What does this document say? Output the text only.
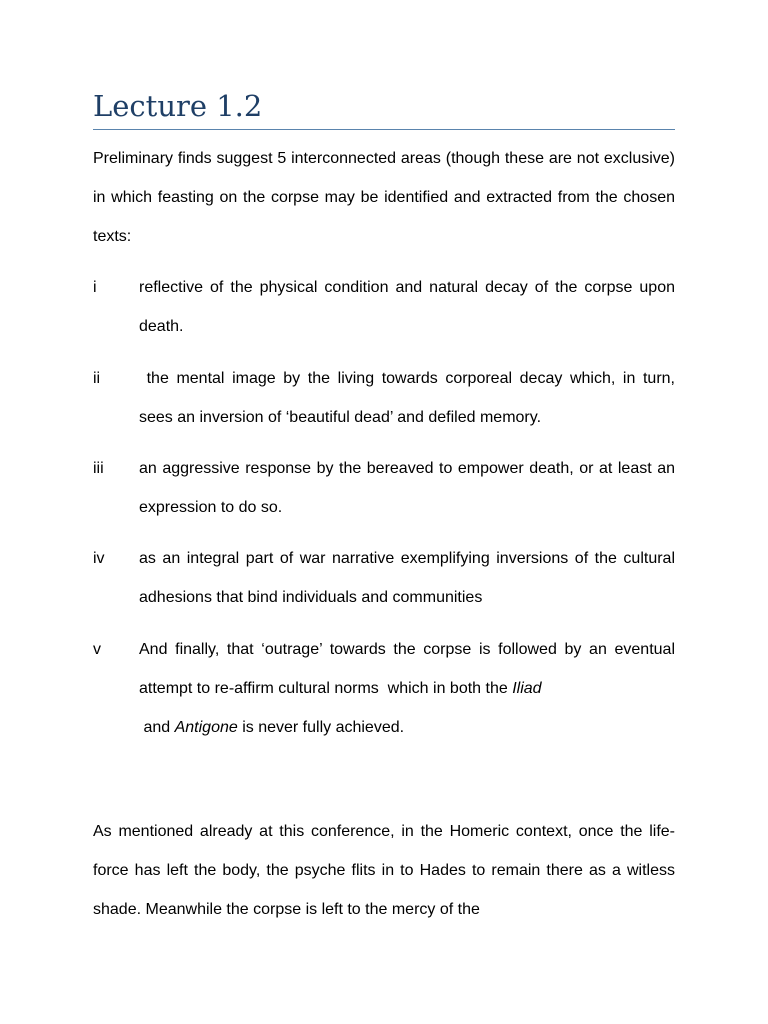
Lecture 1.2

Preliminary finds suggest 5 interconnected areas (though these are not exclusive) in which feasting on the corpse may be identified and extracted from the chosen texts:

i	reflective of the physical condition and natural decay of the corpse upon death.
ii the mental image by the living towards corporeal decay which, in turn, sees an inversion of ‘beautiful dead’ and defiled memory.
iii an aggressive response by the bereaved to empower death, or at least an expression to do so.
iv as an integral part of war narrative exemplifying inversions of the cultural adhesions that bind individuals and communities
v And finally, that ‘outrage’ towards the corpse is followed by an eventual attempt to re-affirm cultural norms  which in both the Iliad
and Antigone is never fully achieved.

As mentioned already at this conference, in the Homeric context, once the life-force has left the body, the psyche flits in to Hades to remain there as a witless shade. Meanwhile the corpse is left to the mercy of the
